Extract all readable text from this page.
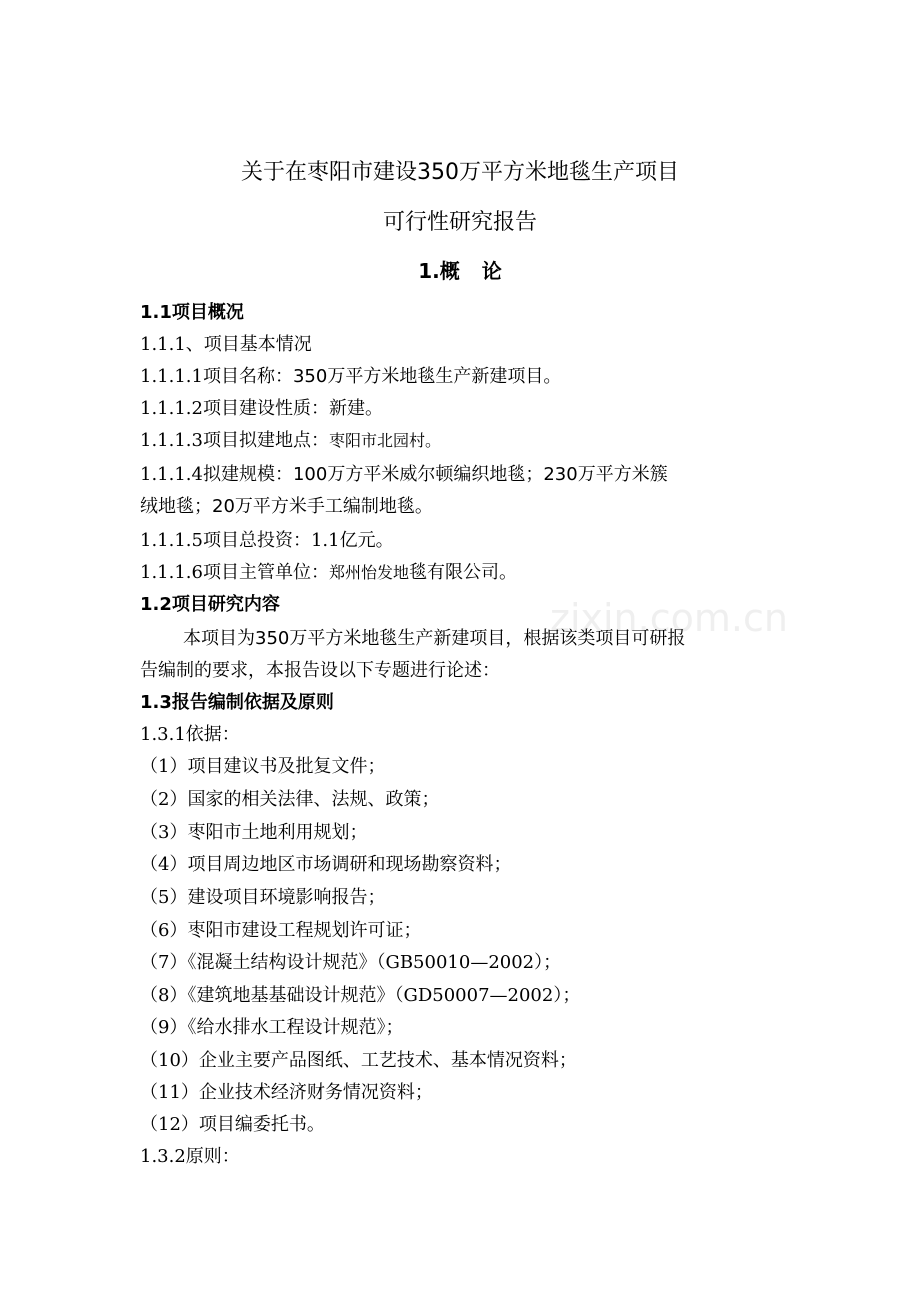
zixin.com.cn
关于在枣阳市建设350万平方米地毯生产项目
可行性研究报告
1.概 论
1.1项目概况
1.1.1、项目基本情况
1.1.1.1项目名称：350万平方米地毯生产新建项目。
1.1.1.2项目建设性质：新建。
1.1.1.3项目拟建地点：枣阳市北园村。
1.1.1.4拟建规模：100万方平米威尔顿编织地毯；230万平方米簇
绒地毯；20万平方米手工编制地毯。
1.1.1.5项目总投资：1.1亿元。
1.1.1.6项目主管单位：郑州怡发地毯有限公司。
1.2项目研究内容
本项目为350万平方米地毯生产新建项目，根据该类项目可研报
告编制的要求，本报告设以下专题进行论述：
1.3报告编制依据及原则
1.3.1依据：
（1）项目建议书及批复文件；
（2）国家的相关法律、法规、政策；
（3）枣阳市土地利用规划；
（4）项目周边地区市场调研和现场勘察资料；
（5）建设项目环境影响报告；
（6）枣阳市建设工程规划许可证；
（7）《混凝土结构设计规范》（GB50010—2002）；
（8）《建筑地基基础设计规范》（GD50007—2002）；
（9）《给水排水工程设计规范》；
（10）企业主要产品图纸、工艺技术、基本情况资料；
（11）企业技术经济财务情况资料；
（12）项目编委托书。
1.3.2原则：
